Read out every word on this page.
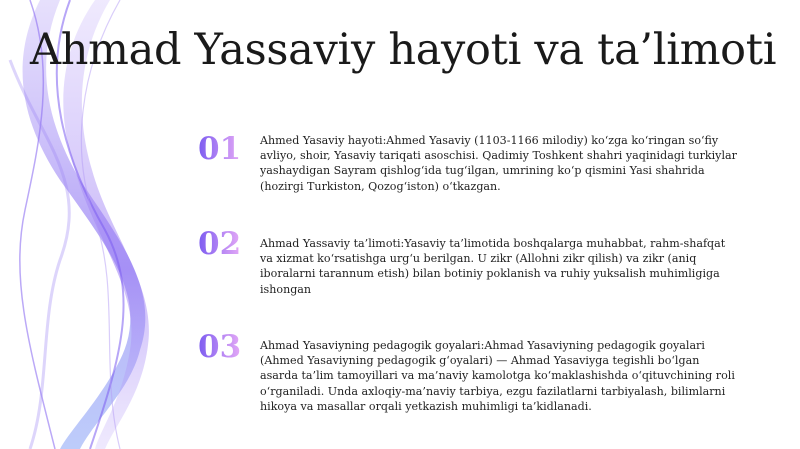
Ahmad Yassaviy hayoti va ta’limoti
01 Ahmed Yasaviy hayoti:Ahmed Yasaviy (1103-1166 milodiy) ko‘zga ko‘ringan so‘fiy avliyo, shoir, Yasaviy tariqati asoschisi. Qadimiy Toshkent shahri yaqinidagi turkiylar yashaydigan Sayram qishlog‘ida tug‘ilgan, umrining ko‘p qismini Yasi shahrida (hozirgi Turkiston, Qozog‘iston) o‘tkazgan.
02 Ahmad Yassaviy ta’limoti:Yasaviy ta’limotida boshqalarga muhabbat, rahm-shafqat va xizmat ko‘rsatishga urg‘u berilgan. U zikr (Allohni zikr qilish) va zikr (aniq iboralarni tarannum etish) bilan botiniy poklanish va ruhiy yuksalish muhimligiga ishongan
03 Ahmad Yasaviyning pedagogik goyalari:Ahmad Yasaviyning pedagogik goyalari (Ahmed Yasaviyning pedagogik g‘oyalari) — Ahmad Yasaviyga tegishli bo‘lgan asarda ta’lim tamoyillari va ma’naviy kamolotga ko‘maklashishda o‘qituvchining roli o‘rganiladi. Unda axloqiy-ma’naviy tarbiya, ezgu fazilatlarni tarbiyalash, bilimlarni hikoya va masallar orqali yetkazish muhimligi ta’kidlanadi.
